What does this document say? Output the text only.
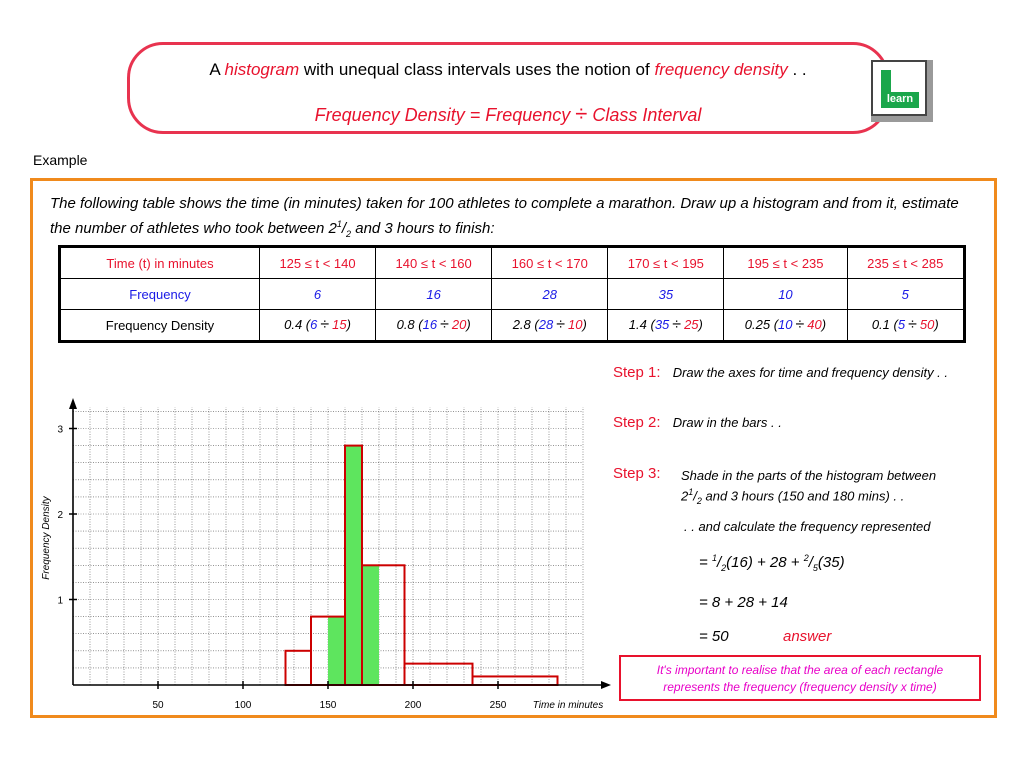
A histogram with unequal class intervals uses the notion of frequency density . .
Frequency Density = Frequency ÷ Class Interval
learn
Example
The following table shows the time (in minutes) taken for 100 athletes to complete a marathon. Draw up a histogram and from it, estimate the number of athletes who took between $2^1/_2$ and 3 hours to finish:
Time (t) in minutes	125 ≤ t < 140	140 ≤ t < 160	160 ≤ t < 170	170 ≤ t < 195	195 ≤ t < 235	235 ≤ t < 285
Frequency	6	16	28	35	10	5
Frequency Density	0.4 (6 ÷ 15)	0.8 (16 ÷ 20)	2.8 (28 ÷ 10)	1.4 (35 ÷ 25)	0.25 (10 ÷ 40)	0.1 (5 ÷ 50)
50	100	150	200	250
1
2
3
Frequency Density
Time in minutes
Step 1: Draw the axes for time and frequency density . .
Step 2: Draw in the bars . .
Step 3: Shade in the parts of the histogram between
$2^1/_2$ and 3 hours (150 and 180 mins) . .
. . and calculate the frequency represented
= $^1/_2(16) + 28 + ^2/_5(35)$
= 8 + 28 + 14
= 50	answer
It's important to realise that the area of each rectangle
represents the frequency (frequency density x time)
